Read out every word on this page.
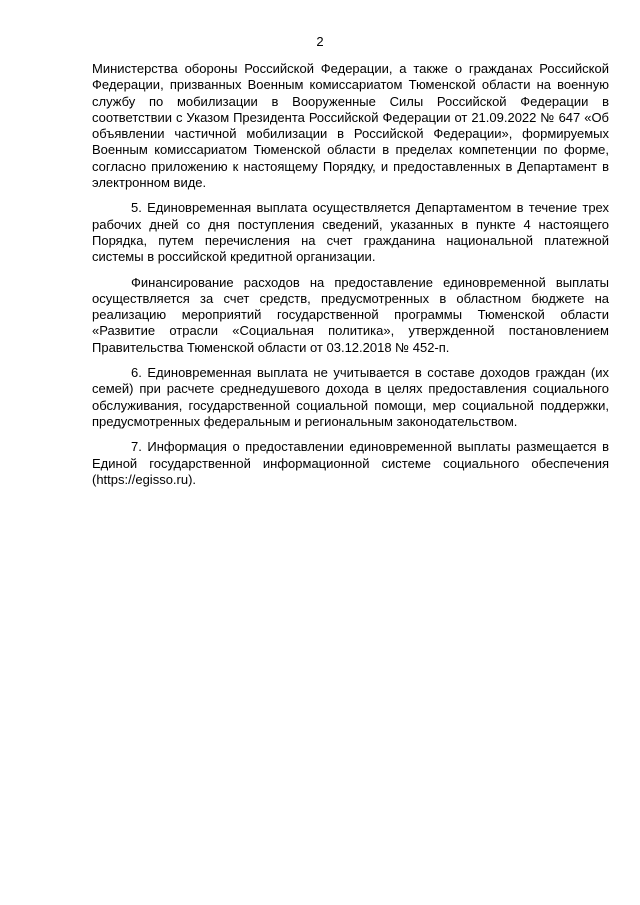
2

Министерства обороны Российской Федерации, а также о гражданах Российской Федерации, призванных Военным комиссариатом Тюменской области на военную службу по мобилизации в Вооруженные Силы Российской Федерации в соответствии с Указом Президента Российской Федерации от 21.09.2022 № 647 «Об объявлении частичной мобилизации в Российской Федерации», формируемых Военным комиссариатом Тюменской области в пределах компетенции по форме, согласно приложению к настоящему Порядку, и предоставленных в Департамент в электронном виде.

5. Единовременная выплата осуществляется Департаментом в течение трех рабочих дней со дня поступления сведений, указанных в пункте 4 настоящего Порядка, путем перечисления на счет гражданина национальной платежной системы в российской кредитной организации.

Финансирование расходов на предоставление единовременной выплаты осуществляется за счет средств, предусмотренных в областном бюджете на реализацию мероприятий государственной программы Тюменской области «Развитие отрасли «Социальная политика», утвержденной постановлением Правительства Тюменской области от 03.12.2018 № 452-п.

6. Единовременная выплата не учитывается в составе доходов граждан (их семей) при расчете среднедушевого дохода в целях предоставления социального обслуживания, государственной социальной помощи, мер социальной поддержки, предусмотренных федеральным и региональным законодательством.

7. Информация о предоставлении единовременной выплаты размещается в Единой государственной информационной системе социального обеспечения (https://egisso.ru).
